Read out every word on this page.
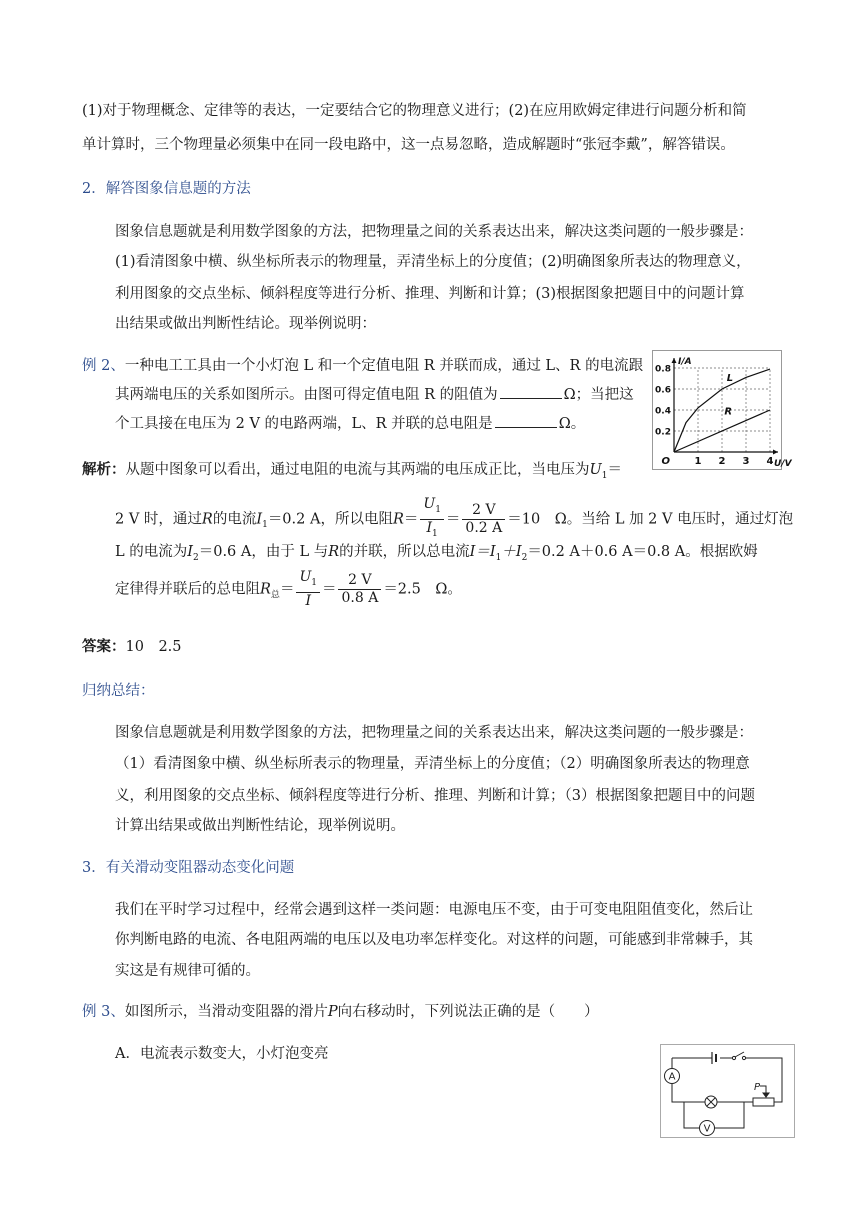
(1)对于物理概念、定律等的表达，一定要结合它的物理意义进行；(2)在应用欧姆定律进行问题分析和简
单计算时，三个物理量必须集中在同一段电路中，这一点易忽略，造成解题时“张冠李戴”，解答错误。
2．解答图象信息题的方法
图象信息题就是利用数学图象的方法，把物理量之间的关系表达出来，解决这类问题的一般步骤是：
(1)看清图象中横、纵坐标所表示的物理量，弄清坐标上的分度值；(2)明确图象所表达的物理意义，
利用图象的交点坐标、倾斜程度等进行分析、推理、判断和计算；(3)根据图象把题目中的问题计算
出结果或做出判断性结论。现举例说明：
例 2、一种电工工具由一个小灯泡 L 和一个定值电阻 R 并联而成，通过 L、R 的电流跟
其两端电压的关系如图所示。由图可得定值电阻 R 的阻值为	Ω；当把这
个工具接在电压为 2 V 的电路两端，L、R 并联的总电阻是	Ω。
1 2 3 4
0.2
0.4
0.6
0.8
O	U/V
I/A
L
R
解析：从题中图象可以看出，通过电阻的电流与其两端的电压成正比，当电压为$U_1=$
2 V 时，通过R的电流$I_1=0.2$ A，所以电阻$R= \frac{U_1}{I_1} = \frac{2 V}{0.2 A} =10$　Ω。当给 L 加 2 V 电压时，通过灯泡
L 的电流为$I_2=0.6$ A，由于 L 与R的并联，所以总电流$I=I_1+I_2=0.2$ A＋0.6 A＝0.8 A。根据欧姆
定律得并联后的总电阻$R_总= \frac{U_1}{I} = \frac{2 V}{0.8 A} =2.5$　Ω。
答案：10　2.5
归纳总结：
图象信息题就是利用数学图象的方法，把物理量之间的关系表达出来，解决这类问题的一般步骤是：
（1）看清图象中横、纵坐标所表示的物理量，弄清坐标上的分度值；（2）明确图象所表达的物理意
义，利用图象的交点坐标、倾斜程度等进行分析、推理、判断和计算；（3）根据图象把题目中的问题
计算出结果或做出判断性结论，现举例说明。
3．有关滑动变阻器动态变化问题
我们在平时学习过程中，经常会遇到这样一类问题：电源电压不变，由于可变电阻阻值变化，然后让
你判断电路的电流、各电阻两端的电压以及电功率怎样变化。对这样的问题，可能感到非常棘手，其
实这是有规律可循的。
例 3、如图所示，当滑动变阻器的滑片P向右移动时，下列说法正确的是（　　）
A．电流表示数变大，小灯泡变亮
A
P
V
